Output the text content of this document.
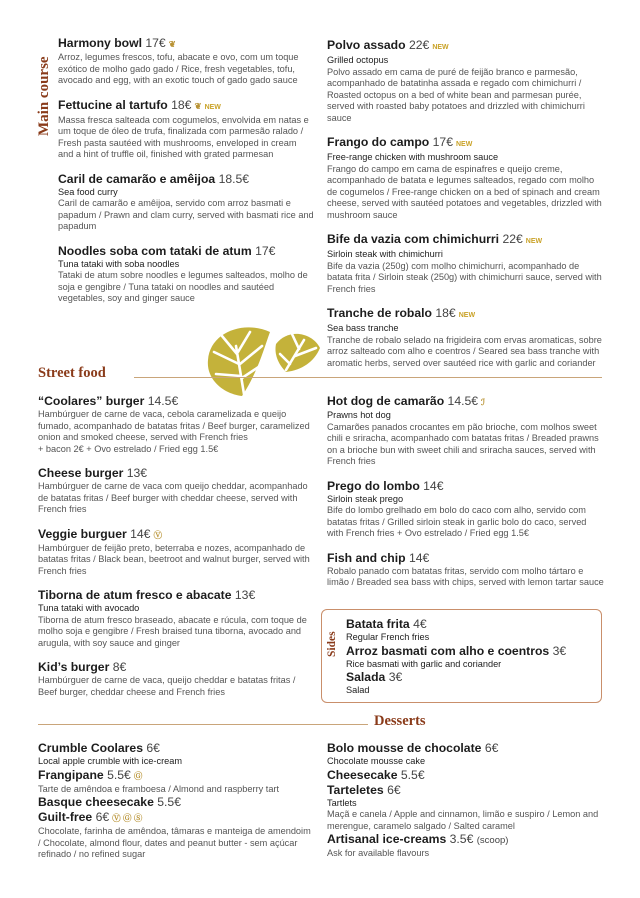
Main course
Harmony bowl 17€ ❦
Arroz, legumes frescos, tofu, abacate e ovo, com um toque exótico de molho gado gado / Rice, fresh vegetables, tofu, avocado and egg, with an exotic touch of gado gado sauce
Fettucine al tartufo 18€ ❦ NEW
Massa fresca salteada com cogumelos, envolvida em natas e um toque de óleo de trufa, finalizada com parmesão ralado / Fresh pasta sautéed with mushrooms, enveloped in cream and a hint of truffle oil, finished with grated parmesan
Caril de camarão e amêijoa 18.5€
Sea food curry
Caril de camarão e amêijoa, servido com arroz basmati e papadum / Prawn and clam curry, served with basmati rice and papadum
Noodles soba com tataki de atum 17€
Tuna tataki with soba noodles
Tataki de atum sobre noodles e legumes salteados, molho de soja e gengibre / Tuna tataki on noodles and sautéed vegetables, soy and ginger sauce
Polvo assado 22€ NEW
Grilled octopus
Polvo assado em cama de puré de feijão branco e parmesão, acompanhado de batatinha assada e regado com chimichurri / Roasted octopus on a bed of white bean and parmesan purée, served with roasted baby potatoes and drizzled with chimichurri sauce
Frango do campo 17€ NEW
Free-range chicken with mushroom sauce
Frango do campo em cama de espinafres e queijo creme, acompanhado de batata e legumes salteados, regado com molho de cogumelos / Free-range chicken on a bed of spinach and cream cheese, served with sautéed potatoes and vegetables, drizzled with mushroom sauce
Bife da vazia com chimichurri 22€ NEW
Sirloin steak with chimichurri
Bife da vazia (250g) com molho chimichurri, acompanhado de batata frita / Sirloin steak (250g) with chimichurri sauce, served with French fries
Tranche de robalo 18€ NEW
Sea bass tranche
Tranche de robalo selado na frigideira com ervas aromaticas, sobre arroz salteado com alho e coentros / Seared sea bass tranche with aromatic herbs, served over sautéed rice with garlic and coriander
Street food
“Coolares” burger 14.5€
Hambúrguer de carne de vaca, cebola caramelizada e queijo fumado, acompanhado de batatas fritas / Beef burger, caramelized onion and smoked cheese, served with French fries
+ bacon 2€ + Ovo estrelado / Fried egg 1.5€
Cheese burger 13€
Hambúrguer de carne de vaca com queijo cheddar, acompanhado de batatas fritas / Beef burger with cheddar cheese, served with French fries
Veggie burguer 14€ Ⓥ
Hambúrguer de feijão preto, beterraba e nozes, acompanhado de batatas fritas / Black bean, beetroot and walnut burger, served with French fries
Tiborna de atum fresco e abacate 13€
Tuna tataki with avocado
Tiborna de atum fresco braseado, abacate e rúcula, com toque de molho soja e gengibre / Fresh braised tuna tiborna, avocado and arugula, with soy sauce and ginger
Kid’s burger 8€
Hambúrguer de carne de vaca, queijo cheddar e batatas fritas / Beef burger, cheddar cheese and French fries
Hot dog de camarão 14.5€ ℐ
Prawns hot dog
Camarões panados crocantes em pão brioche, com molhos sweet chili e sriracha, acompanhado com batatas fritas / Breaded prawns on a brioche bun with sweet chili and sriracha sauces, served with French fries
Prego do lombo 14€
Sirloin steak prego
Bife do lombo grelhado em bolo do caco com alho, servido com batatas fritas / Grilled sirloin steak in garlic bolo do caco, served with French fries + Ovo estrelado / Fried egg 1.5€
Fish and chip 14€
Robalo panado com batatas fritas, servido com molho tártaro e limão / Breaded sea bass with chips, served with lemon tartar sauce
Sides
Batata frita 4€
Regular French fries
Arroz basmati com alho e coentros 3€
Rice basmati with garlic and coriander
Salada 3€
Salad
Desserts
Crumble Coolares 6€
Local apple crumble with ice-cream
Frangipane 5.5€ Ⓖ
Tarte de amêndoa e framboesa / Almond and raspberry tart
Basque cheesecake 5.5€
Guilt-free 6€ Ⓥ Ⓖ Ⓢ
Chocolate, farinha de amêndoa, tâmaras e manteiga de amendoim / Chocolate, almond flour, dates and peanut butter - sem açúcar refinado / no refined sugar
Bolo mousse de chocolate 6€
Chocolate mousse cake
Cheesecake 5.5€
Tarteletes 6€
Tartlets
Maçã e canela / Apple and cinnamon, limão e suspiro / Lemon and merengue, caramelo salgado / Salted caramel
Artisanal ice-creams 3.5€ (scoop)
Ask for available flavours
